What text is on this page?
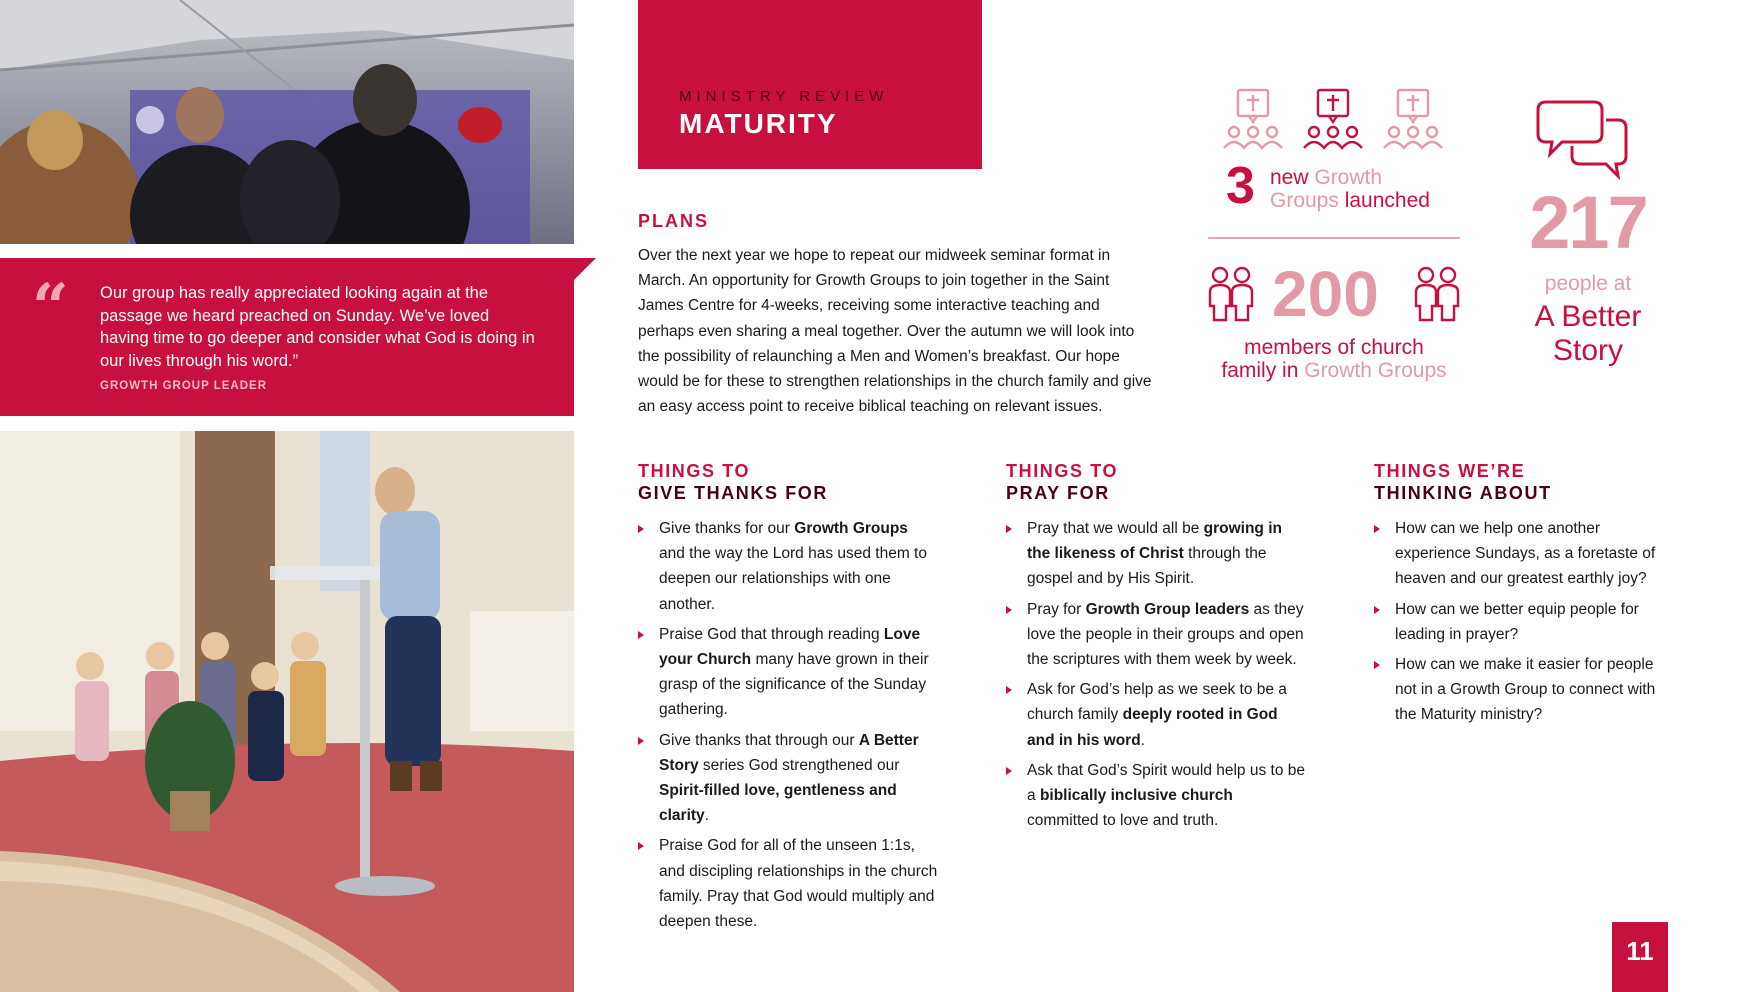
“ Our group has really appreciated looking again at the passage we heard preached on Sunday. We’ve loved having time to go deeper and consider what God is doing in our lives through his word.”
GROWTH GROUP LEADER
MINISTRY REVIEW
MATURITY
PLANS
Over the next year we hope to repeat our midweek seminar format in March. An opportunity for Growth Groups to join together in the Saint James Centre for 4-weeks, receiving some interactive teaching and perhaps even sharing a meal together. Over the autumn we will look into the possibility of relaunching a Men and Women’s breakfast. Our hope would be for these to strengthen relationships in the church family and give an easy access point to receive biblical teaching on relevant issues.
3 new Growth
Groups launched
200
members of church
family in Growth Groups
217
people at
A Better Story
THINGS TO
GIVE THANKS FOR
Give thanks for our Growth Groups and the way the Lord has used them to deepen our relationships with one another.
Praise God that through reading Love your Church many have grown in their grasp of the significance of the Sunday gathering.
Give thanks that through our A Better Story series God strengthened our Spirit-filled love, gentleness and clarity.
Praise God for all of the unseen 1:1s, and discipling relationships in the church family. Pray that God would multiply and deepen these.
THINGS TO
PRAY FOR
Pray that we would all be growing in the likeness of Christ through the gospel and by His Spirit.
Pray for Growth Group leaders as they love the people in their groups and open the scriptures with them week by week.
Ask for God’s help as we seek to be a church family deeply rooted in God and in his word.
Ask that God’s Spirit would help us to be a biblically inclusive church committed to love and truth.
THINGS WE’RE
THINKING ABOUT
How can we help one another experience Sundays, as a foretaste of heaven and our greatest earthly joy?
How can we better equip people for leading in prayer?
How can we make it easier for people not in a Growth Group to connect with the Maturity ministry?
11
